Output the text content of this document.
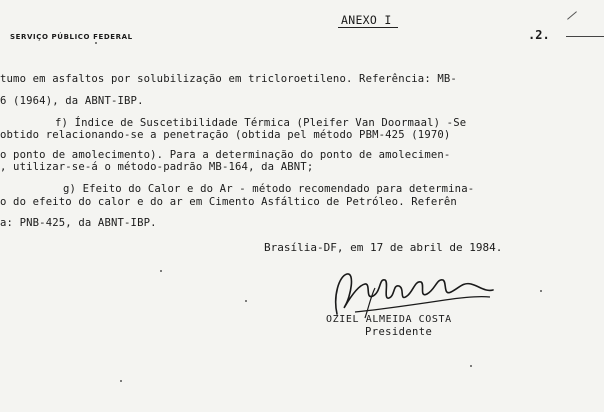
SERVIÇO PÚBLICO FEDERAL
ANEXO I
.2.
tumo em asfaltos por solubilização em tricloroetileno. Referência: MB-
6 (1964), da ABNT-IBP.
f) Índice de Suscetibilidade Térmica (Pleifer Van Doormaal) -Se
obtido relacionando-se a penetração (obtida pel método PBM-425 (1970)
o ponto de amolecimento). Para a determinação do ponto de amolecimen-
, utilizar-se-á o método-padrão MB-164, da ABNT;
g) Efeito do Calor e do Ar - método recomendado para determina-
o do efeito do calor e do ar em Cimento Asfáltico de Petróleo. Referên
a: PNB-425, da ABNT-IBP.
Brasília-DF, em 17 de abril de 1984.
OZIEL ALMEIDA COSTA
Presidente
